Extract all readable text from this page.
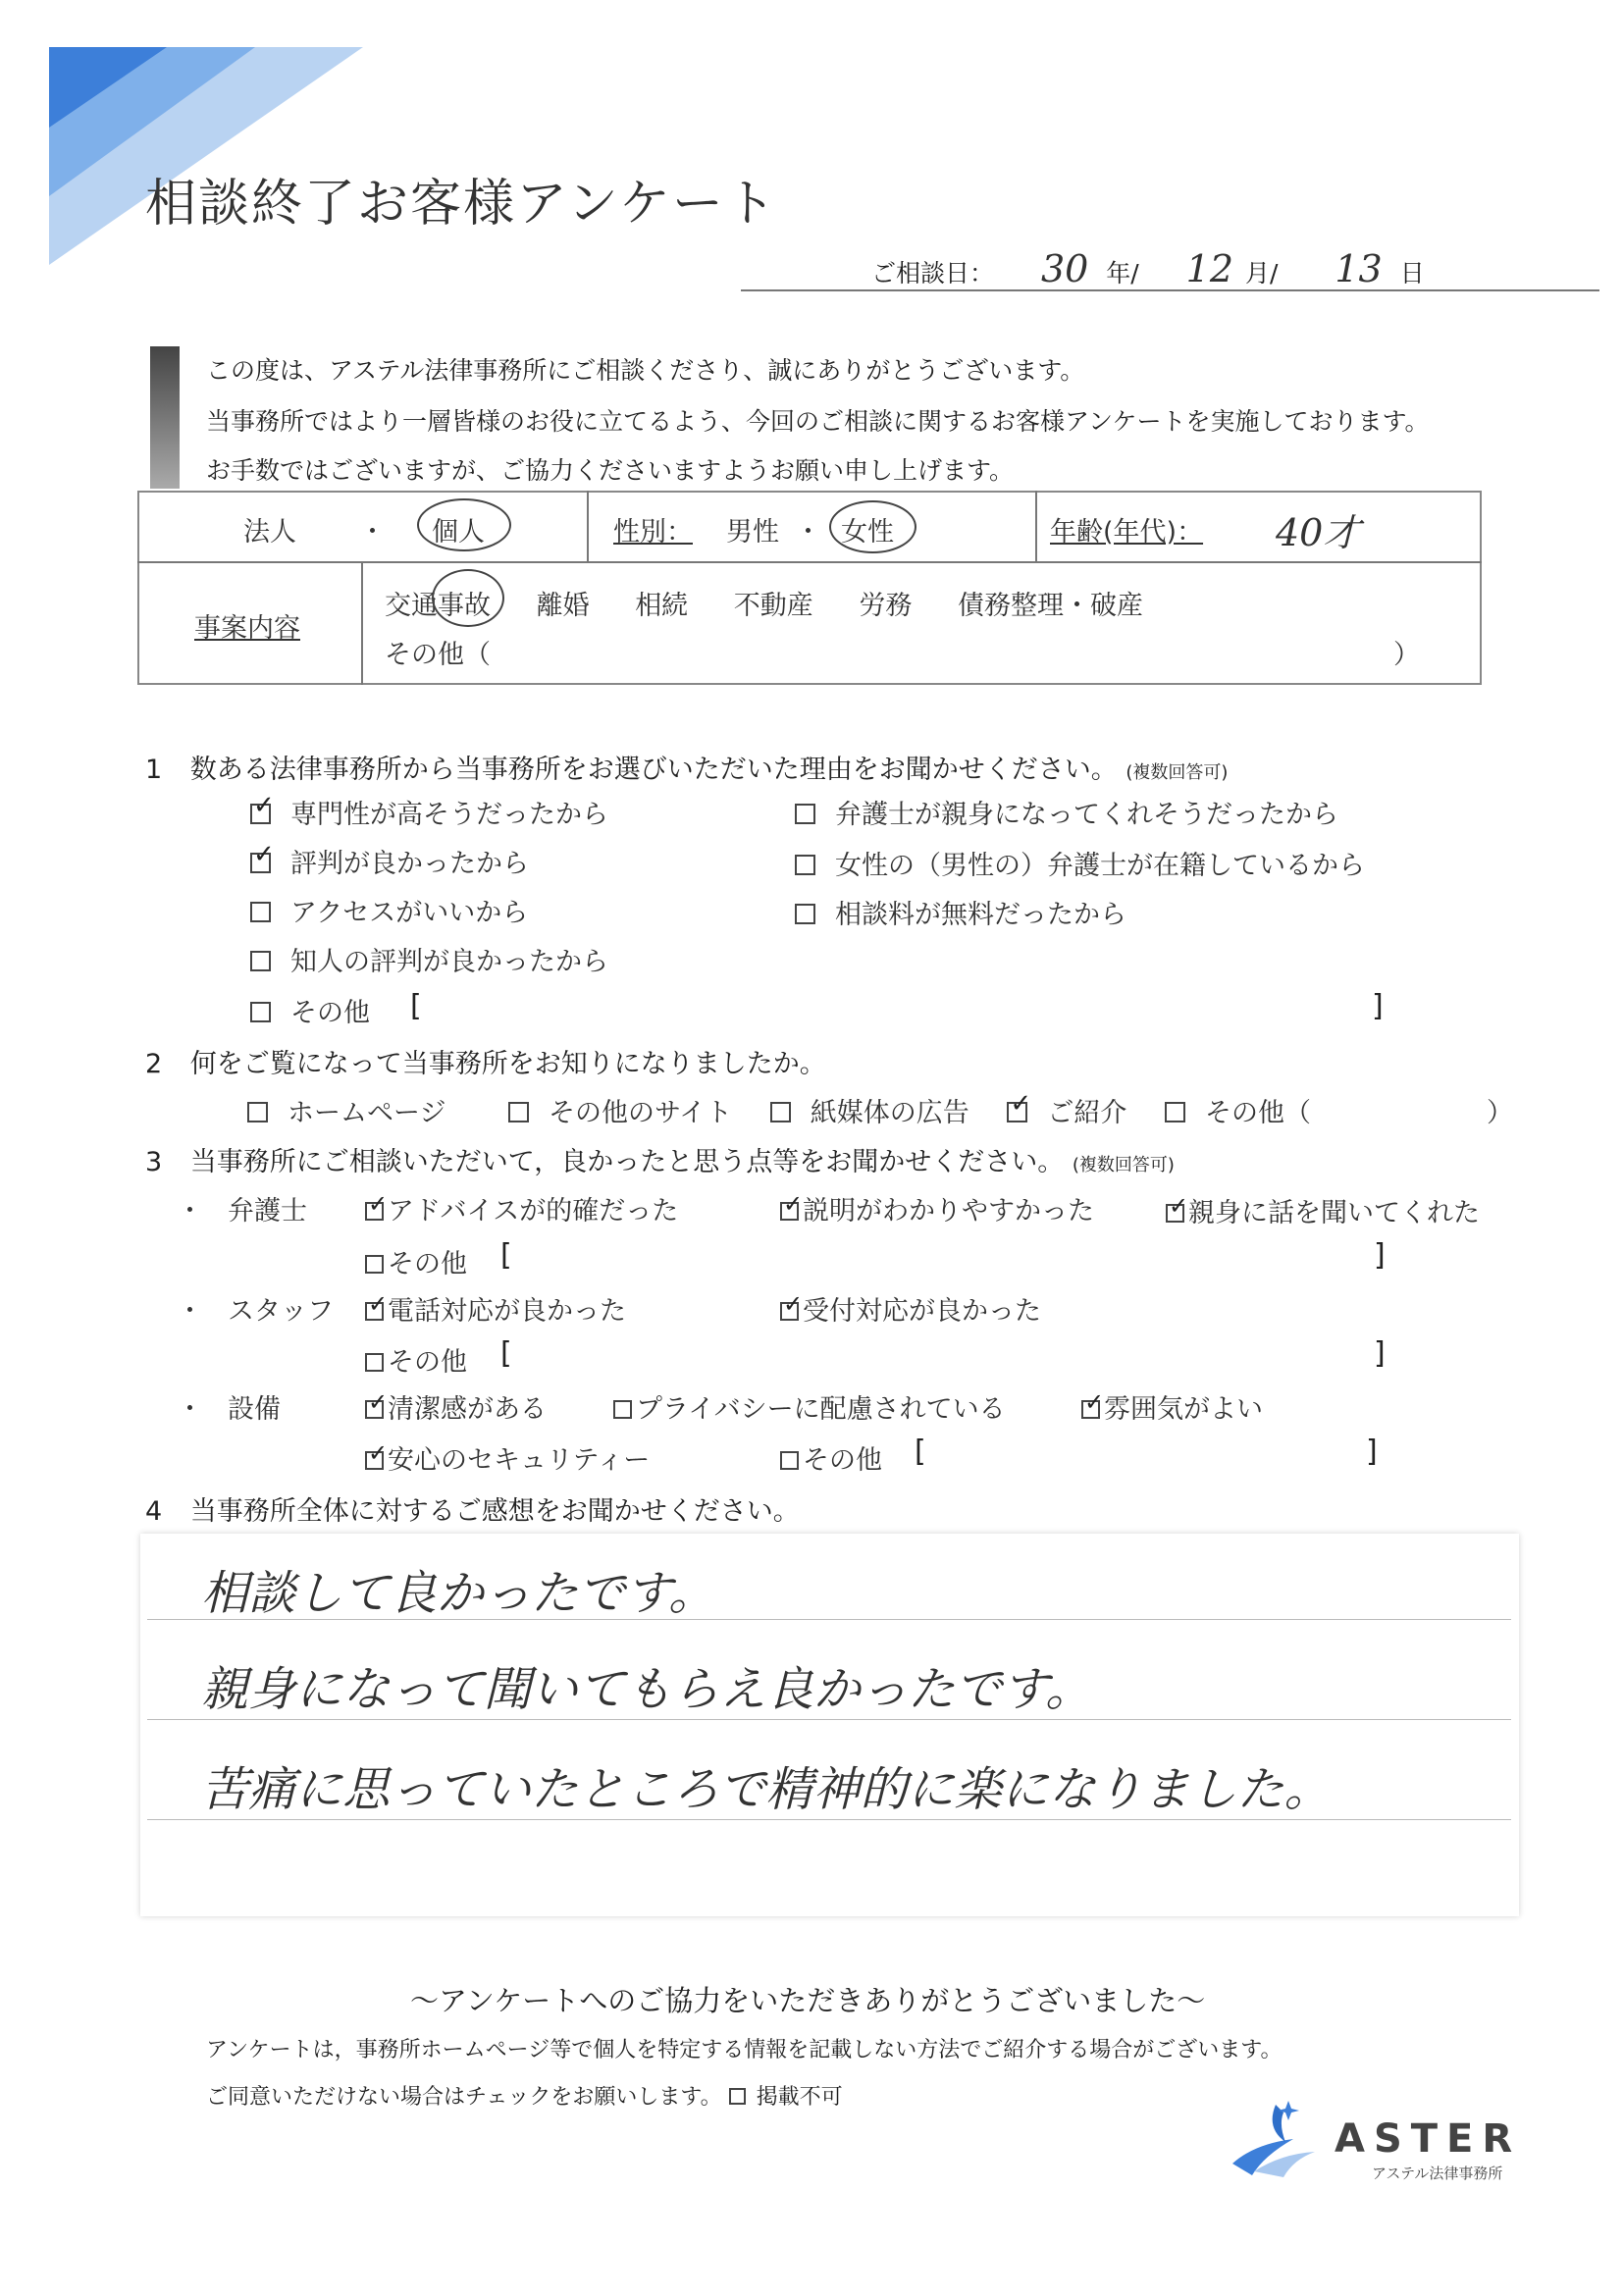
相談終了お客様アンケート
ご相談日： 30 年/ 12 月/ 13 日
この度は、アステル法律事務所にご相談くださり、誠にありがとうございます。
当事務所ではより一層皆様のお役に立てるよう、今回のご相談に関するお客様アンケートを実施しております。
お手数ではございますが、ご協力くださいますようお願い申し上げます。
法人 ・ 個人	性別： 男性 ・ 女性	年齢(年代)： 40才
事案内容
交通事故 離婚 相続 不動産 労務 債務整理・破産
その他（	）
1 数ある法律事務所から当事務所をお選びいただいた理由をお聞かせください。 (複数回答可)
✓専門性が高そうだったから
✓評判が良かったから
アクセスがいいから
知人の評判が良かったから
その他 [	]
弁護士が親身になってくれそうだったから
女性の（男性の）弁護士が在籍しているから
相談料が無料だったから
2 何をご覧になって当事務所をお知りになりましたか。
ホームページ	その他のサイト	紙媒体の広告 ✓	ご紹介	その他（	）
3 当事務所にご相談いただいて，良かったと思う点等をお聞かせください。 (複数回答可)
・ 弁護士 ✓	アドバイスが的確だった ✓	説明がわかりやすかった ✓	親身に話を聞いてくれた
その他 [	]
・ スタッフ ✓	電話対応が良かった ✓	受付対応が良かった
その他 [	]
・ 設備 ✓	清潔感がある	プライバシーに配慮されている ✓	雰囲気がよい
✓安心のセキュリティー	その他 [	]
4 当事務所全体に対するご感想をお聞かせください。
相談して良かったです。
親身になって聞いてもらえ良かったです。
苦痛に思っていたところで精神的に楽になりました。
～アンケートへのご協力をいただきありがとうございました～
アンケートは，事務所ホームページ等で個人を特定する情報を記載しない方法でご紹介する場合がございます。
ご同意いただけない場合はチェックをお願いします。 掲載不可
ASTER
アステル法律事務所
